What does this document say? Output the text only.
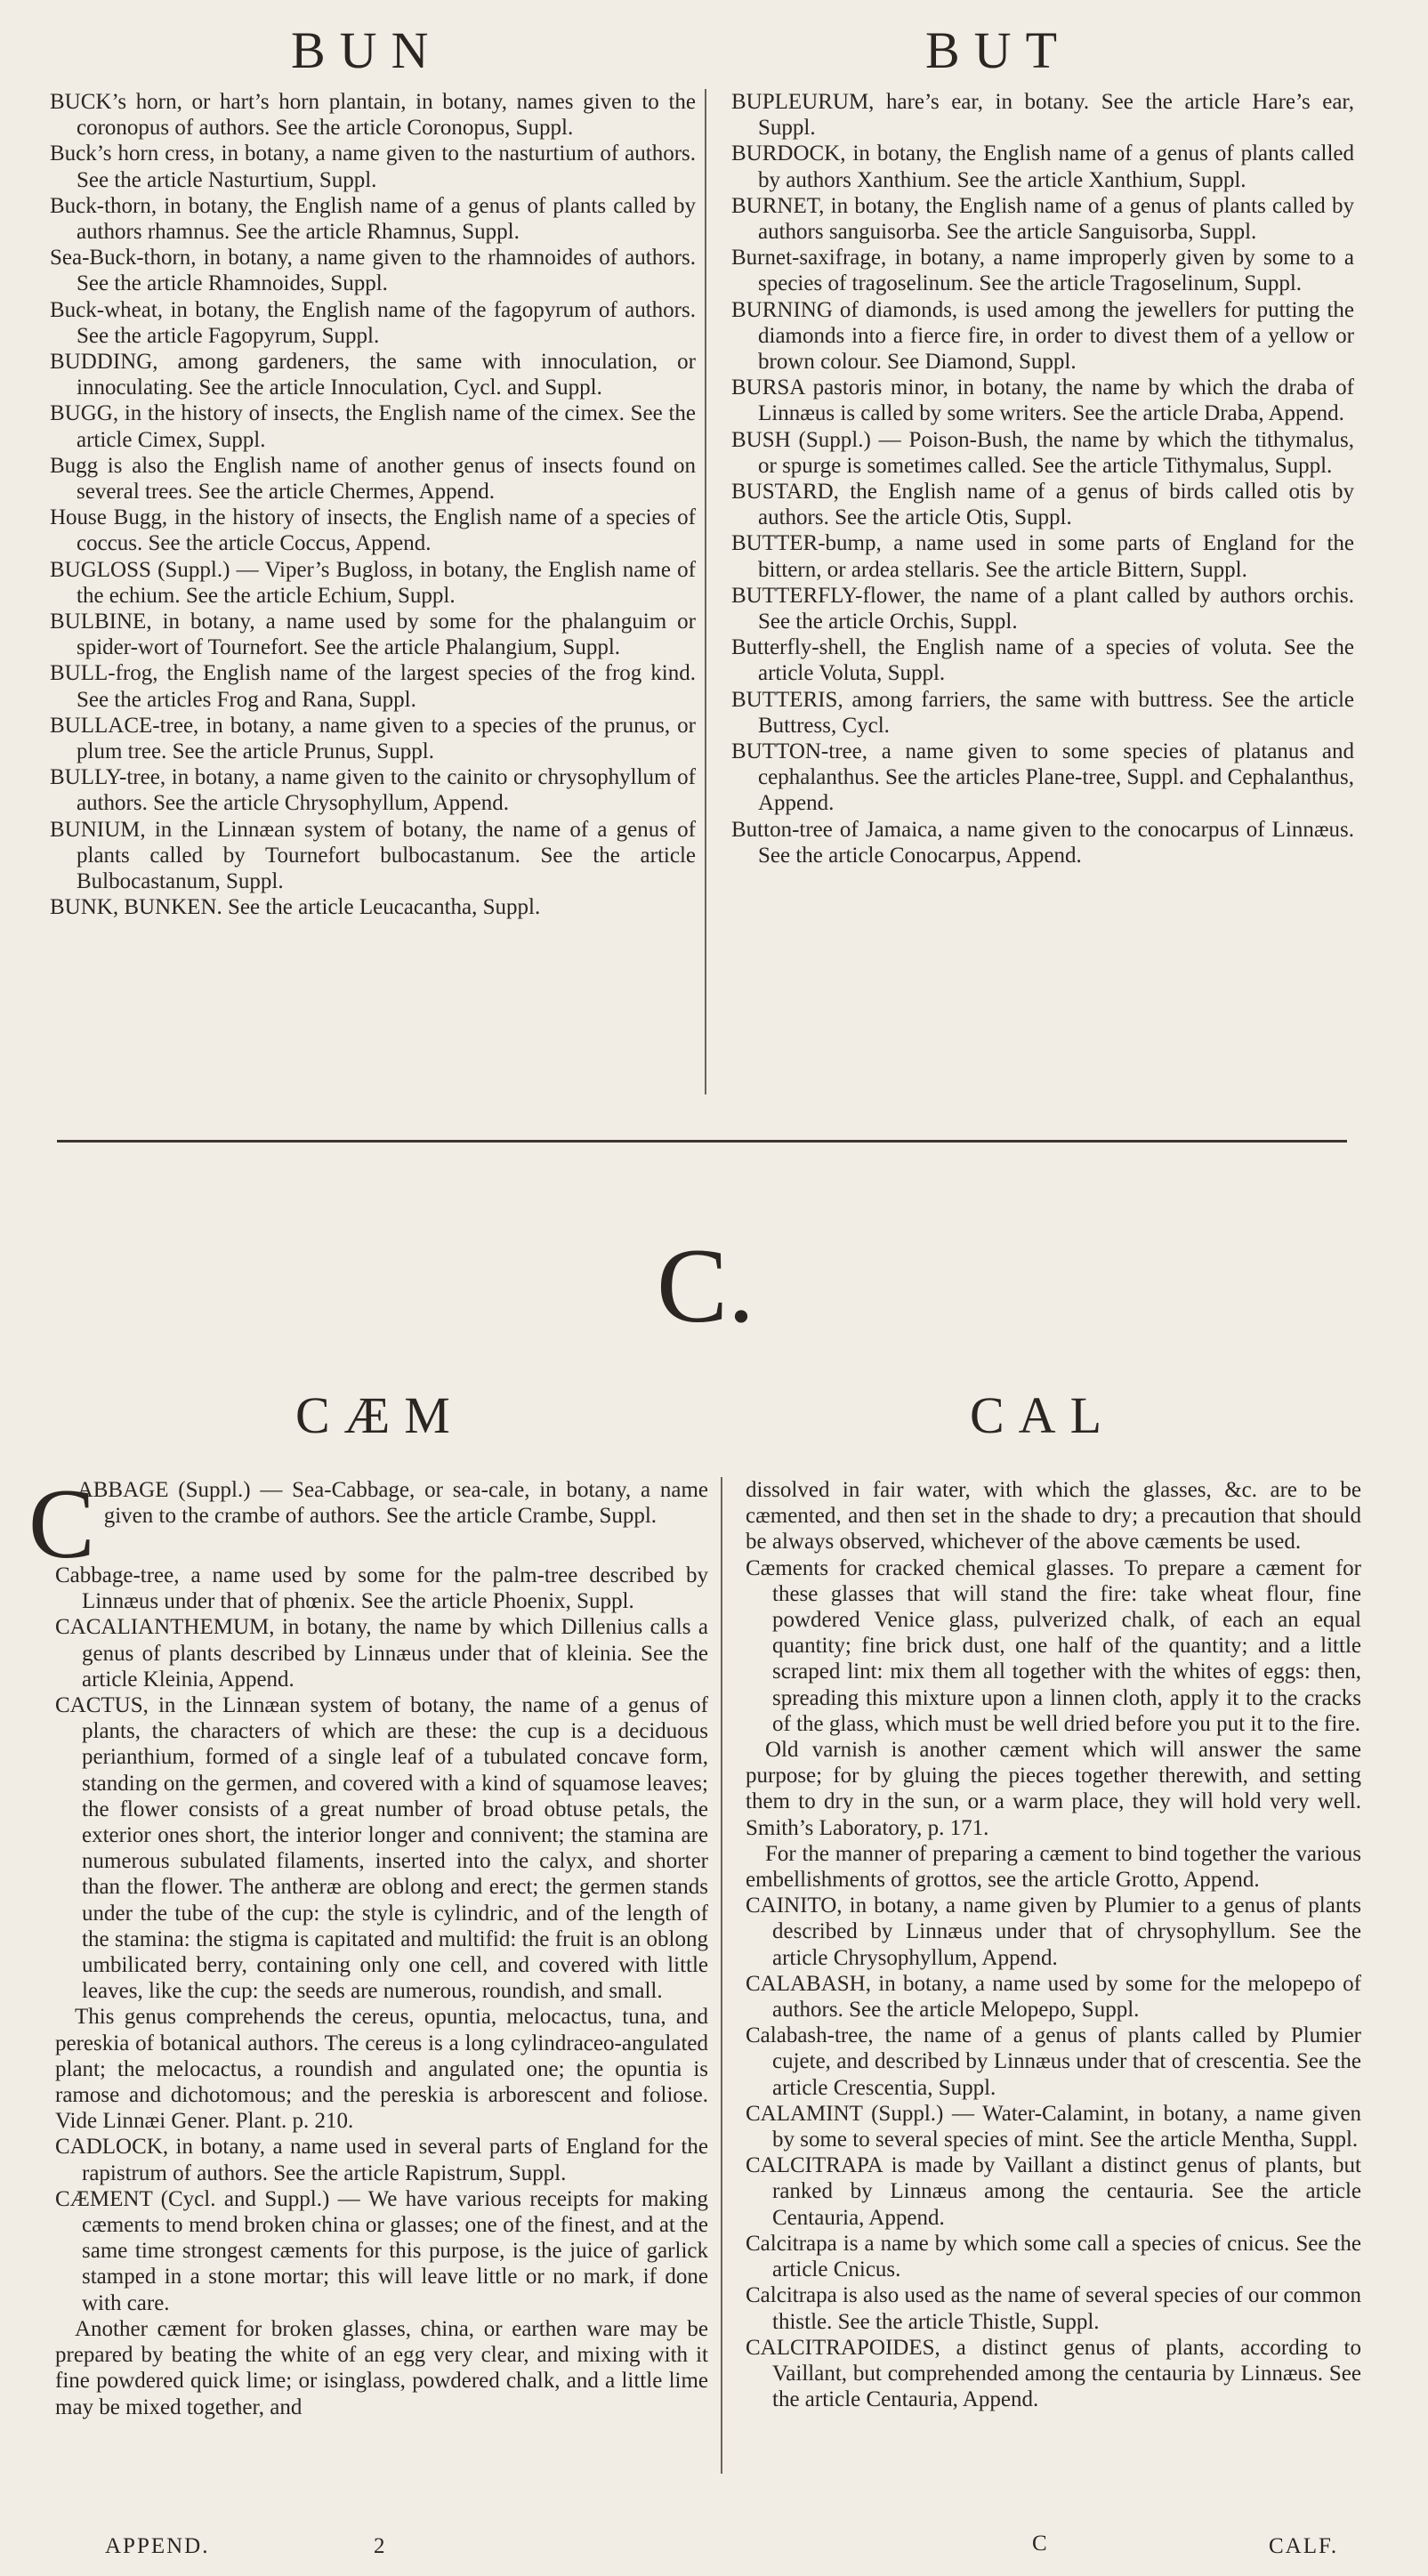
BUN	BUT

BUCK’s horn, or hart’s horn plantain, in botany, names given to the coronopus of authors. See the article Coronopus, Suppl.

Buck’s horn cress, in botany, a name given to the nasturtium of authors. See the article Nasturtium, Suppl.

Buck-thorn, in botany, the English name of a genus of plants called by authors rhamnus. See the article Rhamnus, Suppl.

Sea-Buck-thorn, in botany, a name given to the rhamnoides of authors. See the article Rhamnoides, Suppl.

Buck-wheat, in botany, the English name of the fagopyrum of authors. See the article Fagopyrum, Suppl.

BUDDING, among gardeners, the same with innoculation, or innoculating. See the article Innoculation, Cycl. and Suppl.

BUGG, in the history of insects, the English name of the cimex. See the article Cimex, Suppl.

Bugg is also the English name of another genus of insects found on several trees. See the article Chermes, Append.

House Bugg, in the history of insects, the English name of a species of coccus. See the article Coccus, Append.

BUGLOSS (Suppl.) — Viper’s Bugloss, in botany, the English name of the echium. See the article Echium, Suppl.

BULBINE, in botany, a name used by some for the phalanguim or spider-wort of Tournefort. See the article Phalangium, Suppl.

BULL-frog, the English name of the largest species of the frog kind. See the articles Frog and Rana, Suppl.

BULLACE-tree, in botany, a name given to a species of the prunus, or plum tree. See the article Prunus, Suppl.

BULLY-tree, in botany, a name given to the cainito or chrysophyllum of authors. See the article Chrysophyllum, Append.

BUNIUM, in the Linnæan system of botany, the name of a genus of plants called by Tournefort bulbocastanum. See the article Bulbocastanum, Suppl.

BUNK, BUNKEN. See the article Leucacantha, Suppl.

BUPLEURUM, hare’s ear, in botany. See the article Hare’s ear, Suppl.

BURDOCK, in botany, the English name of a genus of plants called by authors Xanthium. See the article Xanthium, Suppl.

BURNET, in botany, the English name of a genus of plants called by authors sanguisorba. See the article Sanguisorba, Suppl.

Burnet-saxifrage, in botany, a name improperly given by some to a species of tragoselinum. See the article Tragoselinum, Suppl.

BURNING of diamonds, is used among the jewellers for putting the diamonds into a fierce fire, in order to divest them of a yellow or brown colour. See Diamond, Suppl.

BURSA pastoris minor, in botany, the name by which the draba of Linnæus is called by some writers. See the article Draba, Append.

BUSH (Suppl.) — Poison-Bush, the name by which the tithymalus, or spurge is sometimes called. See the article Tithymalus, Suppl.

BUSTARD, the English name of a genus of birds called otis by authors. See the article Otis, Suppl.

BUTTER-bump, a name used in some parts of England for the bittern, or ardea stellaris. See the article Bittern, Suppl.

BUTTERFLY-flower, the name of a plant called by authors orchis. See the article Orchis, Suppl.

Butterfly-shell, the English name of a species of voluta. See the article Voluta, Suppl.

BUTTERIS, among farriers, the same with buttress. See the article Buttress, Cycl.

BUTTON-tree, a name given to some species of platanus and cephalanthus. See the articles Plane-tree, Suppl. and Cephalanthus, Append.

Button-tree of Jamaica, a name given to the conocarpus of Linnæus. See the article Conocarpus, Append.

C.
CÆM	CAL

C
ABBAGE (Suppl.) — Sea-Cabbage, or sea-cale, in botany, a name given to the crambe of authors. See the article Crambe, Suppl.

Cabbage-tree, a name used by some for the palm-tree described by Linnæus under that of phœnix. See the article Phoenix, Suppl.

CACALIANTHEMUM, in botany, the name by which Dillenius calls a genus of plants described by Linnæus under that of kleinia. See the article Kleinia, Append.

CACTUS, in the Linnæan system of botany, the name of a genus of plants, the characters of which are these: the cup is a deciduous perianthium, formed of a single leaf of a tubulated concave form, standing on the germen, and covered with a kind of squamose leaves; the flower consists of a great number of broad obtuse petals, the exterior ones short, the interior longer and connivent; the stamina are numerous subulated filaments, inserted into the calyx, and shorter than the flower. The antheræ are oblong and erect; the germen stands under the tube of the cup: the style is cylindric, and of the length of the stamina: the stigma is capitated and multifid: the fruit is an oblong umbilicated berry, containing only one cell, and covered with little leaves, like the cup: the seeds are numerous, roundish, and small.

This genus comprehends the cereus, opuntia, melocactus, tuna, and pereskia of botanical authors. The cereus is a long cylindraceo-angulated plant; the melocactus, a roundish and angulated one; the opuntia is ramose and dichotomous; and the pereskia is arborescent and foliose. Vide Linnæi Gener. Plant. p. 210.

CADLOCK, in botany, a name used in several parts of England for the rapistrum of authors. See the article Rapistrum, Suppl.

CÆMENT (Cycl. and Suppl.) — We have various receipts for making cæments to mend broken china or glasses; one of the finest, and at the same time strongest cæments for this purpose, is the juice of garlick stamped in a stone mortar; this will leave little or no mark, if done with care.

Another cæment for broken glasses, china, or earthen ware may be prepared by beating the white of an egg very clear, and mixing with it fine powdered quick lime; or isinglass, powdered chalk, and a little lime may be mixed together, and

dissolved in fair water, with which the glasses, &c. are to be cæmented, and then set in the shade to dry; a precaution that should be always observed, whichever of the above cæments be used.

Cæments for cracked chemical glasses. To prepare a cæment for these glasses that will stand the fire: take wheat flour, fine powdered Venice glass, pulverized chalk, of each an equal quantity; fine brick dust, one half of the quantity; and a little scraped lint: mix them all together with the whites of eggs: then, spreading this mixture upon a linnen cloth, apply it to the cracks of the glass, which must be well dried before you put it to the fire.

Old varnish is another cæment which will answer the same purpose; for by gluing the pieces together therewith, and setting them to dry in the sun, or a warm place, they will hold very well. Smith’s Laboratory, p. 171.

For the manner of preparing a cæment to bind together the various embellishments of grottos, see the article Grotto, Append.

CAINITO, in botany, a name given by Plumier to a genus of plants described by Linnæus under that of chrysophyllum. See the article Chrysophyllum, Append.

CALABASH, in botany, a name used by some for the melopepo of authors. See the article Melopepo, Suppl.

Calabash-tree, the name of a genus of plants called by Plumier cujete, and described by Linnæus under that of crescentia. See the article Crescentia, Suppl.

CALAMINT (Suppl.) — Water-Calamint, in botany, a name given by some to several species of mint. See the article Mentha, Suppl.

CALCITRAPA is made by Vaillant a distinct genus of plants, but ranked by Linnæus among the centauria. See the article Centauria, Append.

Calcitrapa is a name by which some call a species of cnicus. See the article Cnicus.

Calcitrapa is also used as the name of several species of our common thistle. See the article Thistle, Suppl.

CALCITRAPOIDES, a distinct genus of plants, according to Vaillant, but comprehended among the centauria by Linnæus. See the article Centauria, Append.

APPEND.	2	C	CALF.
